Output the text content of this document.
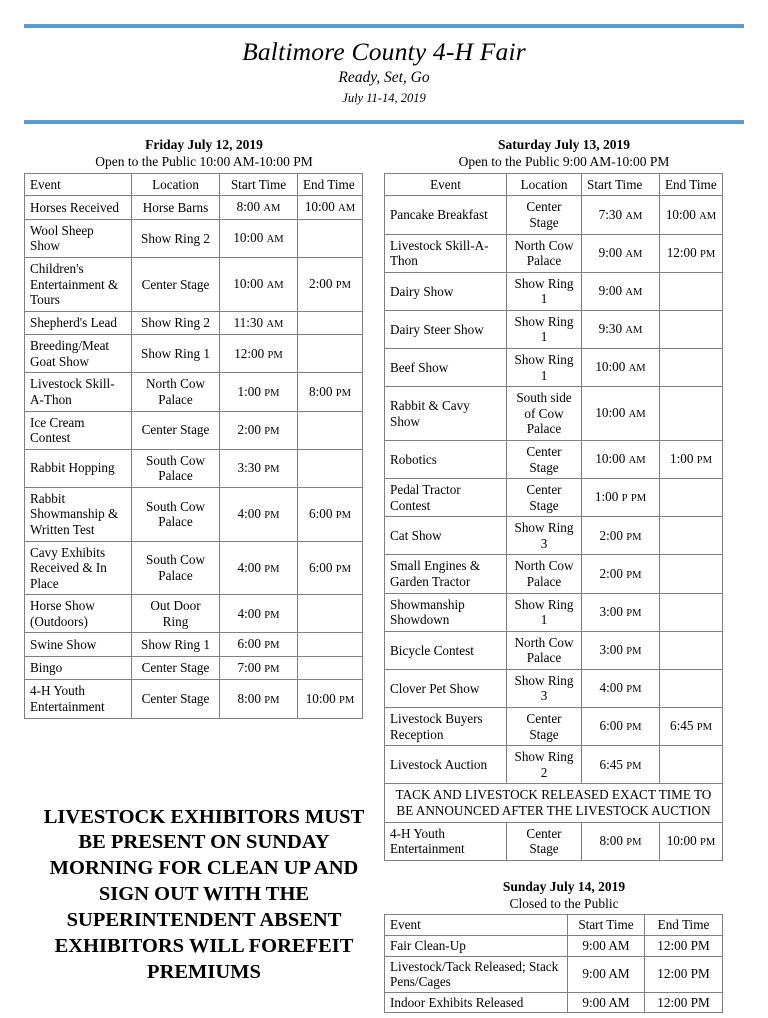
Baltimore County 4-H Fair
Ready, Set, Go
July 11-14, 2019
Friday July 12, 2019
Open to the Public 10:00 AM-10:00 PM
Event	Location	Start Time	End Time
Horses Received	Horse Barns	8:00 AM	10:00 AM
Wool Sheep Show	Show Ring 2	10:00 AM	
Children's Entertainment & Tours	Center Stage	10:00 AM	2:00 PM
Shepherd's Lead	Show Ring 2	11:30 AM	
Breeding/Meat Goat Show	Show Ring 1	12:00 PM	
Livestock Skill-A-Thon	North Cow Palace	1:00 PM	8:00 PM
Ice Cream Contest	Center Stage	2:00 PM	
Rabbit Hopping	South Cow Palace	3:30 PM	
Rabbit Showmanship & Written Test	South Cow Palace	4:00 PM	6:00 PM
Cavy Exhibits Received & In Place	South Cow Palace	4:00 PM	6:00 PM
Horse Show (Outdoors)	Out Door Ring	4:00 PM	
Swine Show	Show Ring 1	6:00 PM	
Bingo	Center Stage	7:00 PM	
4-H Youth Entertainment	Center Stage	8:00 PM	10:00 PM
LIVESTOCK EXHIBITORS MUST BE PRESENT ON SUNDAY MORNING FOR CLEAN UP AND SIGN OUT WITH THE SUPERINTENDENT ABSENT EXHIBITORS WILL FOREFEIT PREMIUMS
Saturday July 13, 2019
Open to the Public 9:00 AM-10:00 PM
Event	Location	Start Time	End Time
Pancake Breakfast	Center Stage	7:30 AM	10:00 AM
Livestock Skill-A-Thon	North Cow Palace	9:00 AM	12:00 PM
Dairy Show	Show Ring 1	9:00 AM	
Dairy Steer Show	Show Ring 1	9:30 AM	
Beef Show	Show Ring 1	10:00 AM	
Rabbit & Cavy Show	South side of Cow Palace	10:00 AM	
Robotics	Center Stage	10:00 AM	1:00 PM
Pedal Tractor Contest	Center Stage	1:00 P PM	
Cat Show	Show Ring 3	2:00 PM	
Small Engines & Garden Tractor	North Cow Palace	2:00 PM	
Showmanship Showdown	Show Ring 1	3:00 PM	
Bicycle Contest	North Cow Palace	3:00 PM	
Clover Pet Show	Show Ring 3	4:00 PM	
Livestock Buyers Reception	Center Stage	6:00 PM	6:45 PM
Livestock Auction	Show Ring 2	6:45 PM	
TACK AND LIVESTOCK RELEASED EXACT TIME TO BE ANNOUNCED AFTER THE LIVESTOCK AUCTION			
4-H Youth Entertainment	Center Stage	8:00 PM	10:00 PM
Sunday July 14, 2019
Closed to the Public
Event	Start Time	End Time
Fair Clean-Up	9:00 AM	12:00 PM
Livestock/Tack Released; Stack Pens/Cages	9:00 AM	12:00 PM
Indoor Exhibits Released	9:00 AM	12:00 PM
